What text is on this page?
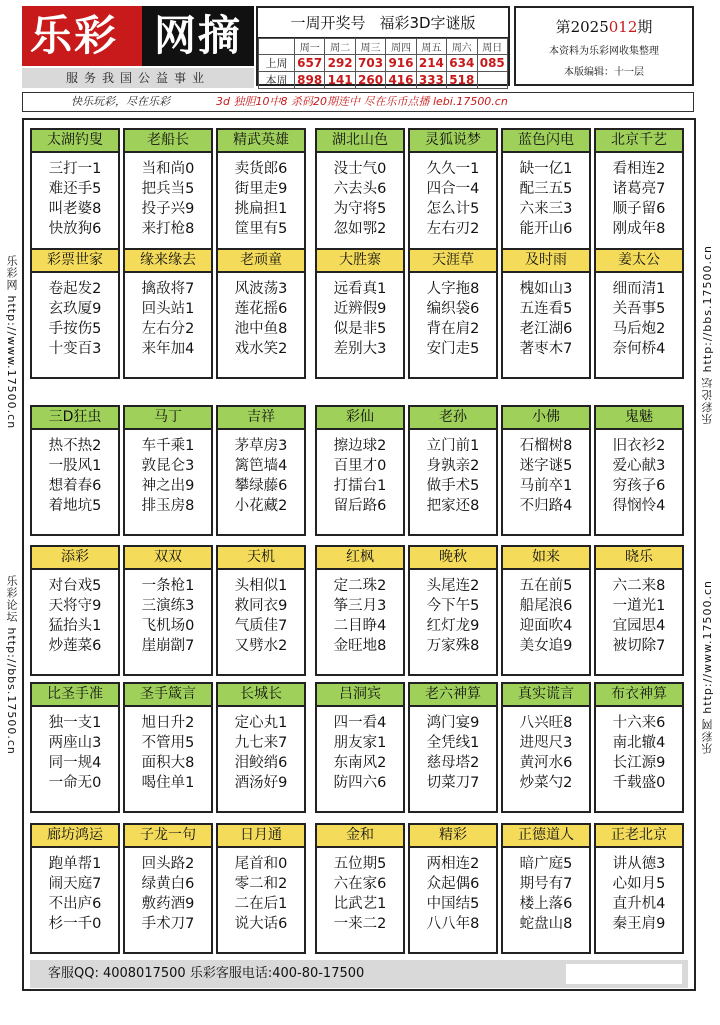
乐彩 网摘
服务我国公益事业
一周开奖号 福彩3D字谜版
	周一	周二	周三	周四	周五	周六	周日
上周	657	292	703	916	214	634	085
本周	898	141	260	416	333	518	
第2025012期
本资料为乐彩网收集整理
本版编辑：十一层
快乐玩彩，尽在乐彩	3d 独胆10中8 杀码20期连中 尽在乐币点播 lebi.17500.cn
乐彩网 http://www.17500.cn
乐彩论坛 http://bbs.17500.cn
乐彩论坛 http://bbs.17500.cn
乐彩网 http://www.17500.cn
太湖钓叟
三打一1
难还手5
叫老婆8
快放狗6
老船长
当和尚0
把兵当5
投子兴9
来打枪8
精武英雄
卖货郎6
街里走9
挑扁担1
筐里有5
湖北山色
没士气0
六去头6
为守将5
忽如鄂2
灵狐说梦
久久一1
四合一4
怎么计5
左右刃2
蓝色闪电
缺一亿1
配三五5
六来三3
能开山6
北京千艺
看相连2
诸葛亮7
顺子留6
刚成年8
彩票世家
卷起发2
玄玖厦9
手按伤5
十变百3
缘来缘去
擒敌将7
回头站1
左右分2
来年加4
老顽童
风波荡3
莲花摇6
池中鱼8
戏水笑2
大胜寨
远看真1
近辨假9
似是非5
差别大3
天涯草
人字拖8
编织袋6
背在肩2
安门走5
及时雨
槐如山3
五连看5
老江湖6
著枣木7
姜太公
细而清1
关吾事5
马后炮2
奈何桥4
三D狂虫
热不热2
一股风1
想着春6
着地坑5
马丁
车千乘1
敦昆仑3
神之出9
排玉房8
吉祥
茅草房3
篱笆墙4
攀绿藤6
小花藏2
彩仙
擦边球2
百里才0
打擂台1
留后路6
老孙
立门前1
身孰亲2
做手术5
把家还8
小佛
石榴树8
迷字谜5
马前卒1
不归路4
鬼魅
旧衣衫2
爱心献3
穷孩子6
得悯怜4
添彩
对台戏5
天将守9
猛抬头1
炒莲菜6
双双
一条枪1
三演练3
飞机场0
崖崩劏7
天机
头相似1
救同衣9
气质佳7
又劈水2
红枫
定二珠2
筝三月3
二目睁4
金旺地8
晚秋
头尾连2
今下午5
红灯龙9
万家殊8
如来
五在前5
船尾浪6
迎面吹4
美女追9
晓乐
六二来8
一道光1
宜园思4
被切除7
比圣手准
独一支1
两座山3
同一规4
一命无0
圣手箴言
旭日升2
不管用5
面积大8
喝住单1
长城长
定心丸1
九七来7
泪鲛绡6
酒汤好9
吕洞宾
四一看4
朋友家1
东南风2
防四六6
老六神算
鸿门宴9
全凭线1
慈母塔2
切菜刀7
真实谎言
八兴旺8
进咫尺3
黄河水6
炒菜勺2
布衣神算
十六来6
南北辙4
长江源9
千载盛0
廊坊鸿运
跑单帮1
闹天庭7
不出庐6
杉一千0
子龙一句
回头路2
绿黄白6
敷药酒9
手术刀7
日月通
尾首和0
零二和2
二在后1
说大话6
金和
五位期5
六在家6
比武艺1
一来二2
精彩
两相连2
众起偶6
中国结5
八八年8
正德道人
暗广庭5
期号有7
楼上落6
蛇盘山8
正老北京
讲从德3
心如月5
直升机4
秦王肩9
客服QQ: 4008017500 乐彩客服电话:400-80-17500
